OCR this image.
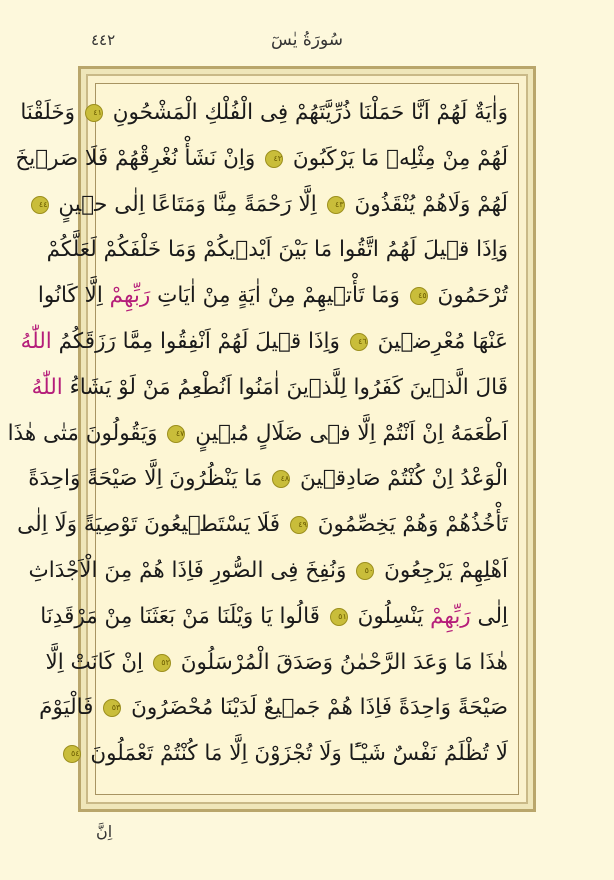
سُورَةُ يٰسٓ
٤٤٢
وَاٰيَةٌ لَهُمْ اَنَّا حَمَلْنَا ذُرِّيَّتَهُمْ فِى الْفُلْكِ الْمَشْحُونِ ٤١ وَخَلَقْنَا
لَهُمْ مِنْ مِثْلِهٖ مَا يَرْكَبُونَ ٤٢ وَاِنْ نَشَأْ نُغْرِقْهُمْ فَلَا صَرٖيخَ
لَهُمْ وَلَاهُمْ يُنْقَذُونَ ٤٣ اِلَّا رَحْمَةً مِنَّا وَمَتَاعًا اِلٰى حٖينٍ ٤٤
وَاِذَا قٖيلَ لَهُمُ اتَّقُوا مَا بَيْنَ اَيْدٖيكُمْ وَمَا خَلْفَكُمْ لَعَلَّكُمْ
تُرْحَمُونَ ٤٥ وَمَا تَأْتٖيهِمْ مِنْ اٰيَةٍ مِنْ اٰيَاتِ رَبِّهِمْ اِلَّا كَانُوا
عَنْهَا مُعْرِضٖينَ ٤٦ وَاِذَا قٖيلَ لَهُمْ اَنْفِقُوا مِمَّا رَزَقَكُمُ اللّٰهُ
قَالَ الَّذٖينَ كَفَرُوا لِلَّذٖينَ اٰمَنُوا اَنُطْعِمُ مَنْ لَوْ يَشَاءُ اللّٰهُ
اَطْعَمَهُ اِنْ اَنْتُمْ اِلَّا فٖى ضَلَالٍ مُبٖينٍ ٤٧ وَيَقُولُونَ مَتٰى هٰذَا
الْوَعْدُ اِنْ كُنْتُمْ صَادِقٖينَ ٤٨ مَا يَنْظُرُونَ اِلَّا صَيْحَةً وَاحِدَةً
تَأْخُذُهُمْ وَهُمْ يَخِصِّمُونَ ٤٩ فَلَا يَسْتَطٖيعُونَ تَوْصِيَةً وَلَا اِلٰى
اَهْلِهِمْ يَرْجِعُونَ ٥٠ وَنُفِخَ فِى الصُّورِ فَاِذَا هُمْ مِنَ الْاَجْدَاثِ
اِلٰى رَبِّهِمْ يَنْسِلُونَ ٥١ قَالُوا يَا وَيْلَنَا مَنْ بَعَثَنَا مِنْ مَرْقَدِنَا
هٰذَا مَا وَعَدَ الرَّحْمٰنُ وَصَدَقَ الْمُرْسَلُونَ ٥٢ اِنْ كَانَتْ اِلَّا
صَيْحَةً وَاحِدَةً فَاِذَا هُمْ جَمٖيعٌ لَدَيْنَا مُحْضَرُونَ ٥٣ فَالْيَوْمَ
لَا تُظْلَمُ نَفْسٌ شَيْـًٔا وَلَا تُجْزَوْنَ اِلَّا مَا كُنْتُمْ تَعْمَلُونَ ٥٤
اِنَّ
